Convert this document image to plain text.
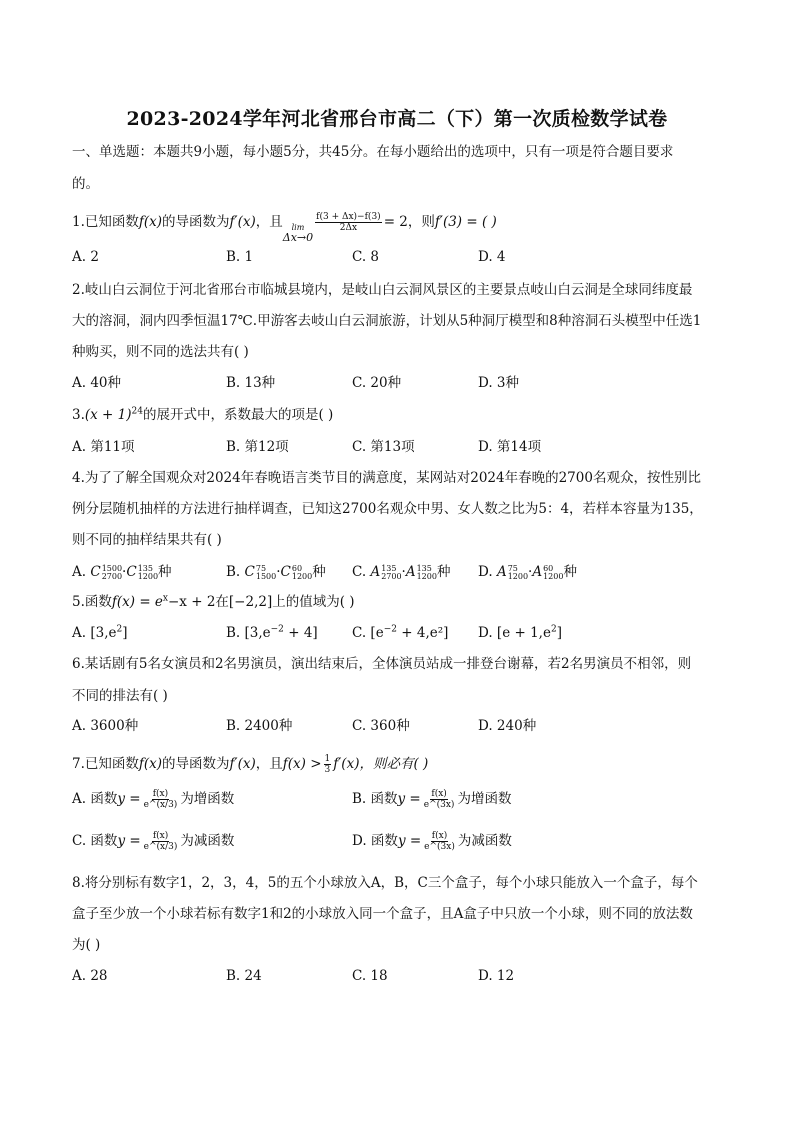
2023-2024学年河北省邢台市高二（下）第一次质检数学试卷
一、单选题：本题共9小题，每小题5分，共45分。在每小题给出的选项中，只有一项是符合题目要求
的。
1.已知函数f(x)的导函数为f′(x)，且 lim
Δx→0
$\frac{f(3 + \Delta x)-f(3)}{2\Delta x} = 2$，则f′(3) = ( )
A. 2	B. 1	C. 8	D. 4
2.岐山白云洞位于河北省邢台市临城县境内，是岐山白云洞风景区的主要景点岐山白云洞是全球同纬度最
大的溶洞，洞内四季恒温17℃.甲游客去岐山白云洞旅游，计划从5种洞厅模型和8种溶洞石头模型中任选1
种购买，则不同的选法共有( )
A. 40种	B. 13种	C. 20种	D. 3种
$3.(x + 1)^{24}$的展开式中，系数最大的项是( )
A. 第11项	B. 第12项	C. 第13项	D. 第14项
4.为了了解全国观众对2024年春晚语言类节目的满意度，某网站对2024年春晚的2700名观众，按性别比
例分层随机抽样的方法进行抽样调查，已知这2700名观众中男、女人数之比为5：4，若样本容量为135，
则不同的抽样结果共有( )
A. C 1500
2700 ·C 135
1200 种	B. C 75
1500 ·C 60
1200 种 C. A 135
2700 ·A 135
1200 种 D. A 75
1200 ·A 60
1200 种
5.函数$f(x) = e^x-x + 2$在[−2,2]上的值域为( )
A. $[3,e^2]$	B. $[3,e^{-2} + 4]$	C. $[e^{-2} + 4,e^2]$ D. $[e + 1,e^2]$
6.某话剧有5名女演员和2名男演员，演出结束后，全体演员站成一排登台谢幕，若2名男演员不相邻，则
不同的排法有( )
A. 3600种	B. 2400种	C. 360种	D. 240种
7.已知函数f(x)的导函数为f′(x)，且$f(x) > \frac{1}{3} f'(x)$，则必有( )
A. 函数$y = \frac{f(x)}{e\^{}(x/3)}$ 为增函数	B. 函数$y = \frac{f(x)}{e\^{}(3x)}$ 为增函数
C. 函数$y = \frac{f(x)}{e\^{}(x/3)}$ 为减函数	D. 函数$y = \frac{f(x)}{e\^{}(3x)}$ 为减函数
8.将分别标有数字1，2，3，4，5的五个小球放入A，B，C三个盒子，每个小球只能放入一个盒子，每个
盒子至少放一个小球若标有数字1和2的小球放入同一个盒子，且A盒子中只放一个小球，则不同的放法数
为( )
A. 28	B. 24	C. 18	D. 12
